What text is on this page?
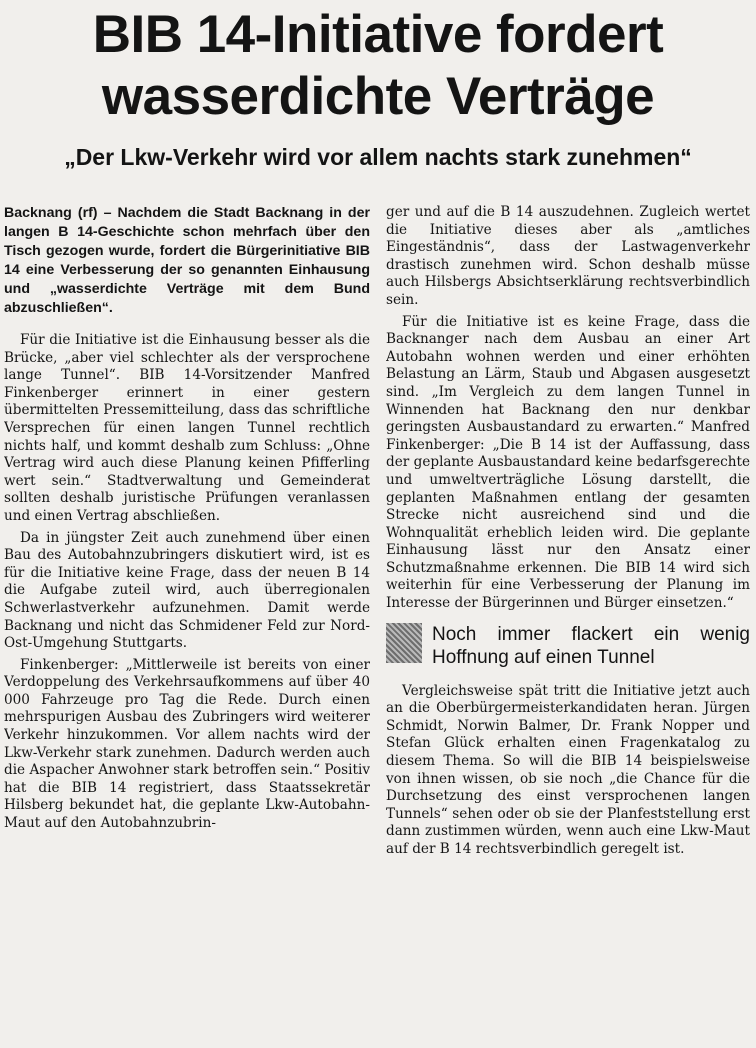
BIB 14-Initiative fordert wasserdichte Verträge
„Der Lkw-Verkehr wird vor allem nachts stark zunehmen“

Backnang (rf) – Nachdem die Stadt Backnang in der langen B 14-Geschichte schon mehrfach über den Tisch gezogen wurde, fordert die Bürgerinitiative BIB 14 eine Verbesserung der so genannten Einhausung und „wasserdichte Verträge mit dem Bund abzuschließen“.

Für die Initiative ist die Einhausung besser als die Brücke, „aber viel schlechter als der versprochene lange Tunnel“. BIB 14-Vorsitzender Manfred Finkenberger erinnert in einer gestern übermittelten Pressemitteilung, dass das schriftliche Versprechen für einen langen Tunnel rechtlich nichts half, und kommt deshalb zum Schluss: „Ohne Vertrag wird auch diese Planung keinen Pfifferling wert sein.“ Stadtverwaltung und Gemeinderat sollten deshalb juristische Prüfungen veranlassen und einen Vertrag abschließen.

Da in jüngster Zeit auch zunehmend über einen Bau des Autobahnzubringers diskutiert wird, ist es für die Initiative keine Frage, dass der neuen B 14 die Aufgabe zuteil wird, auch überregionalen Schwerlastverkehr aufzunehmen. Damit werde Backnang und nicht das Schmidener Feld zur Nord-Ost-Umgehung Stuttgarts.

Finkenberger: „Mittlerweile ist bereits von einer Verdoppelung des Verkehrsaufkommens auf über 40 000 Fahrzeuge pro Tag die Rede. Durch einen mehrspurigen Ausbau des Zubringers wird weiterer Verkehr hinzukommen. Vor allem nachts wird der Lkw-Verkehr stark zunehmen. Dadurch werden auch die Aspacher Anwohner stark betroffen sein.“ Positiv hat die BIB 14 registriert, dass Staatssekretär Hilsberg bekundet hat, die geplante Lkw-Autobahn-Maut auf den Autobahnzubrin-

ger und auf die B 14 auszudehnen. Zugleich wertet die Initiative dieses aber als „amtliches Eingeständnis“, dass der Lastwagenverkehr drastisch zunehmen wird. Schon deshalb müsse auch Hilsbergs Absichtserklärung rechtsverbindlich sein.

Für die Initiative ist es keine Frage, dass die Backnanger nach dem Ausbau an einer Art Autobahn wohnen werden und einer erhöhten Belastung an Lärm, Staub und Abgasen ausgesetzt sind. „Im Vergleich zu dem langen Tunnel in Winnenden hat Backnang den nur denkbar geringsten Ausbaustandard zu erwarten.“ Manfred Finkenberger: „Die B 14 ist der Auffassung, dass der geplante Ausbaustandard keine bedarfsgerechte und umweltverträgliche Lösung darstellt, die geplanten Maßnahmen entlang der gesamten Strecke nicht ausreichend sind und die Wohnqualität erheblich leiden wird. Die geplante Einhausung lässt nur den Ansatz einer Schutzmaßnahme erkennen. Die BIB 14 wird sich weiterhin für eine Verbesserung der Planung im Interesse der Bürgerinnen und Bürger einsetzen.“

Noch immer flackert ein wenig Hoffnung auf einen Tunnel

Vergleichsweise spät tritt die Initiative jetzt auch an die Oberbürgermeisterkandidaten heran. Jürgen Schmidt, Norwin Balmer, Dr. Frank Nopper und Stefan Glück erhalten einen Fragenkatalog zu diesem Thema. So will die BIB 14 beispielsweise von ihnen wissen, ob sie noch „die Chance für die Durchsetzung des einst versprochenen langen Tunnels“ sehen oder ob sie der Planfeststellung erst dann zustimmen würden, wenn auch eine Lkw-Maut auf der B 14 rechtsverbindlich geregelt ist.
